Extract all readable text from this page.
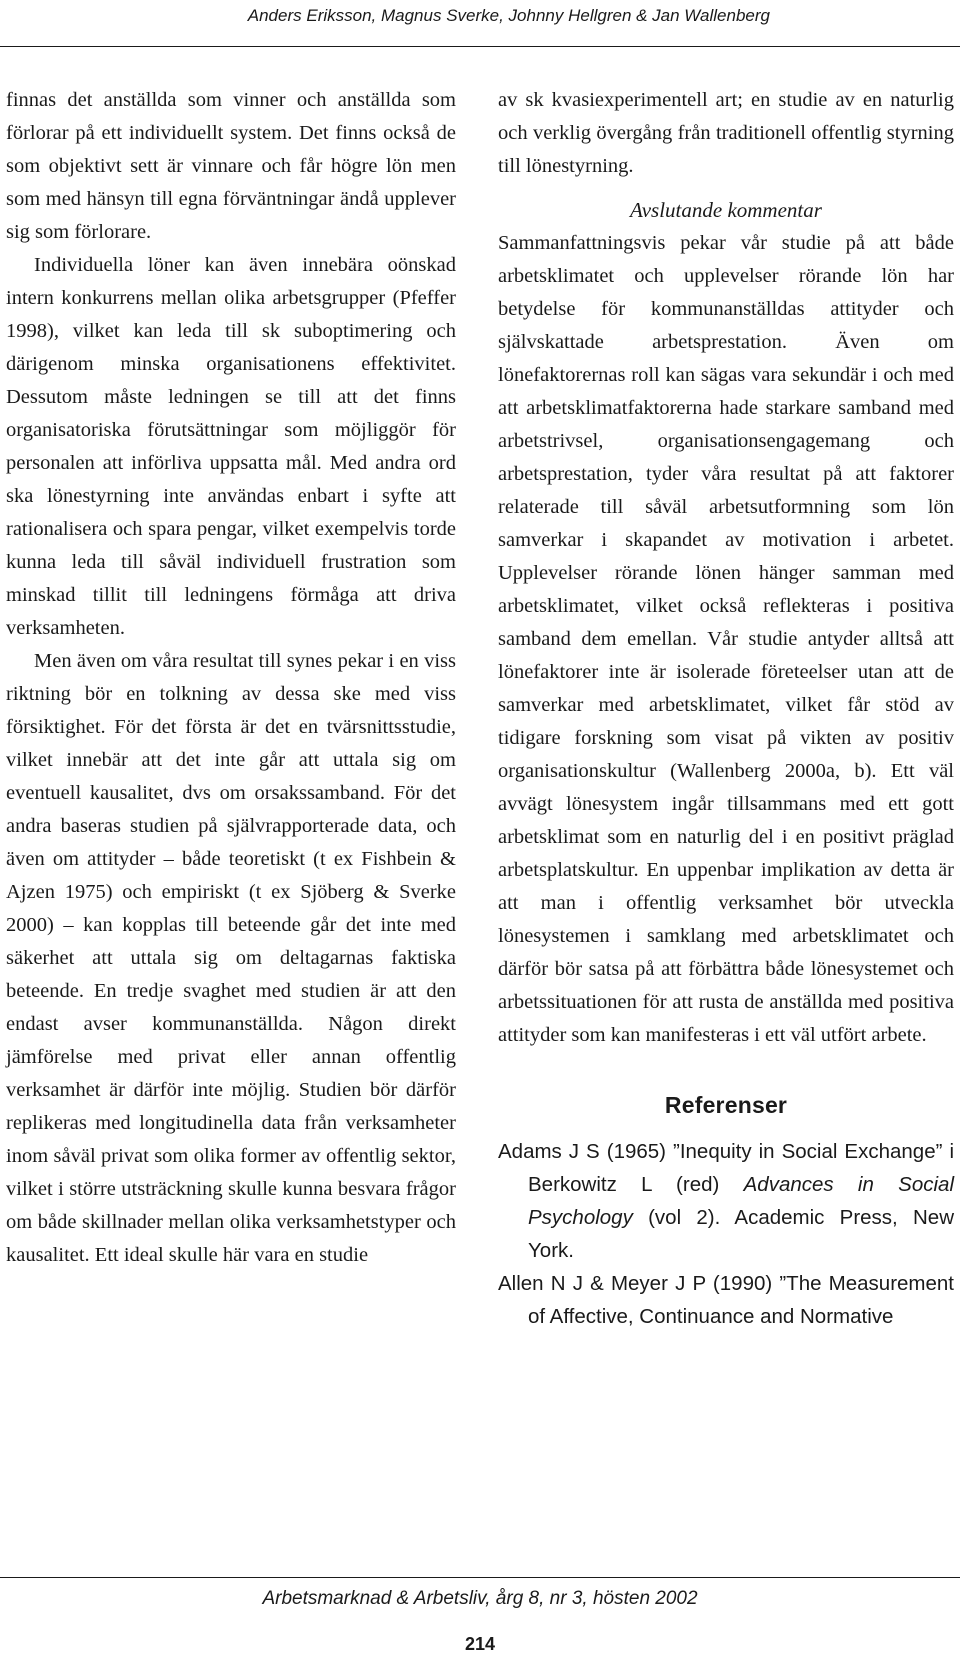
Anders Eriksson, Magnus Sverke, Johnny Hellgren & Jan Wallenberg

finnas det anställda som vinner och anställda som förlorar på ett individuellt system. Det finns också de som objektivt sett är vinnare och får högre lön men som med hänsyn till egna förväntningar ändå upplever sig som förlorare.

Individuella löner kan även innebära oönskad intern konkurrens mellan olika arbetsgrupper (Pfeffer 1998), vilket kan leda till sk suboptimering och därigenom minska organisationens effektivitet. Dessutom måste ledningen se till att det finns organisatoriska förutsättningar som möjliggör för personalen att införliva uppsatta mål. Med andra ord ska lönestyrning inte användas enbart i syfte att rationalisera och spara pengar, vilket exempelvis torde kunna leda till såväl individuell frustration som minskad tillit till ledningens förmåga att driva verksamheten.

Men även om våra resultat till synes pekar i en viss riktning bör en tolkning av dessa ske med viss försiktighet. För det första är det en tvärsnittsstudie, vilket innebär att det inte går att uttala sig om eventuell kausalitet, dvs om orsakssamband. För det andra baseras studien på självrapporterade data, och även om attityder – både teoretiskt (t ex Fishbein & Ajzen 1975) och empiriskt (t ex Sjöberg & Sverke 2000) – kan kopplas till beteende går det inte med säkerhet att uttala sig om deltagarnas faktiska beteende. En tredje svaghet med studien är att den endast avser kommunanställda. Någon direkt jämförelse med privat eller annan offentlig verksamhet är därför inte möjlig. Studien bör därför replikeras med longitudinella data från verksamheter inom såväl privat som olika former av offentlig sektor, vilket i större utsträckning skulle kunna besvara frågor om både skillnader mellan olika verksamhetstyper och kausalitet. Ett ideal skulle här vara en studie

av sk kvasiexperimentell art; en studie av en naturlig och verklig övergång från traditionell offentlig styrning till lönestyrning.

Avslutande kommentar

Sammanfattningsvis pekar vår studie på att både arbetsklimatet och upplevelser rörande lön har betydelse för kommunanställdas attityder och självskattade arbetsprestation. Även om lönefaktorernas roll kan sägas vara sekundär i och med att arbetsklimatfaktorerna hade starkare samband med arbetstrivsel, organisationsengagemang och arbetsprestation, tyder våra resultat på att faktorer relaterade till såväl arbetsutformning som lön samverkar i skapandet av motivation i arbetet. Upplevelser rörande lönen hänger samman med arbetsklimatet, vilket också reflekteras i positiva samband dem emellan. Vår studie antyder alltså att lönefaktorer inte är isolerade företeelser utan att de samverkar med arbetsklimatet, vilket får stöd av tidigare forskning som visat på vikten av positiv organisationskultur (Wallenberg 2000a, b). Ett väl avvägt lönesystem ingår tillsammans med ett gott arbetsklimat som en naturlig del i en positivt präglad arbetsplatskultur. En uppenbar implikation av detta är att man i offentlig verksamhet bör utveckla lönesystemen i samklang med arbetsklimatet och därför bör satsa på att förbättra både lönesystemet och arbetssituationen för att rusta de anställda med positiva attityder som kan manifesteras i ett väl utfört arbete.

Referenser

Adams J S (1965) ”Inequity in Social Exchange” i Berkowitz L (red) Advances in Social Psychology (vol 2). Academic Press, New York.

Allen N J & Meyer J P (1990) ”The Measurement of Affective, Continuance and Normative

Arbetsmarknad & Arbetsliv, årg 8, nr 3, hösten 2002
214
